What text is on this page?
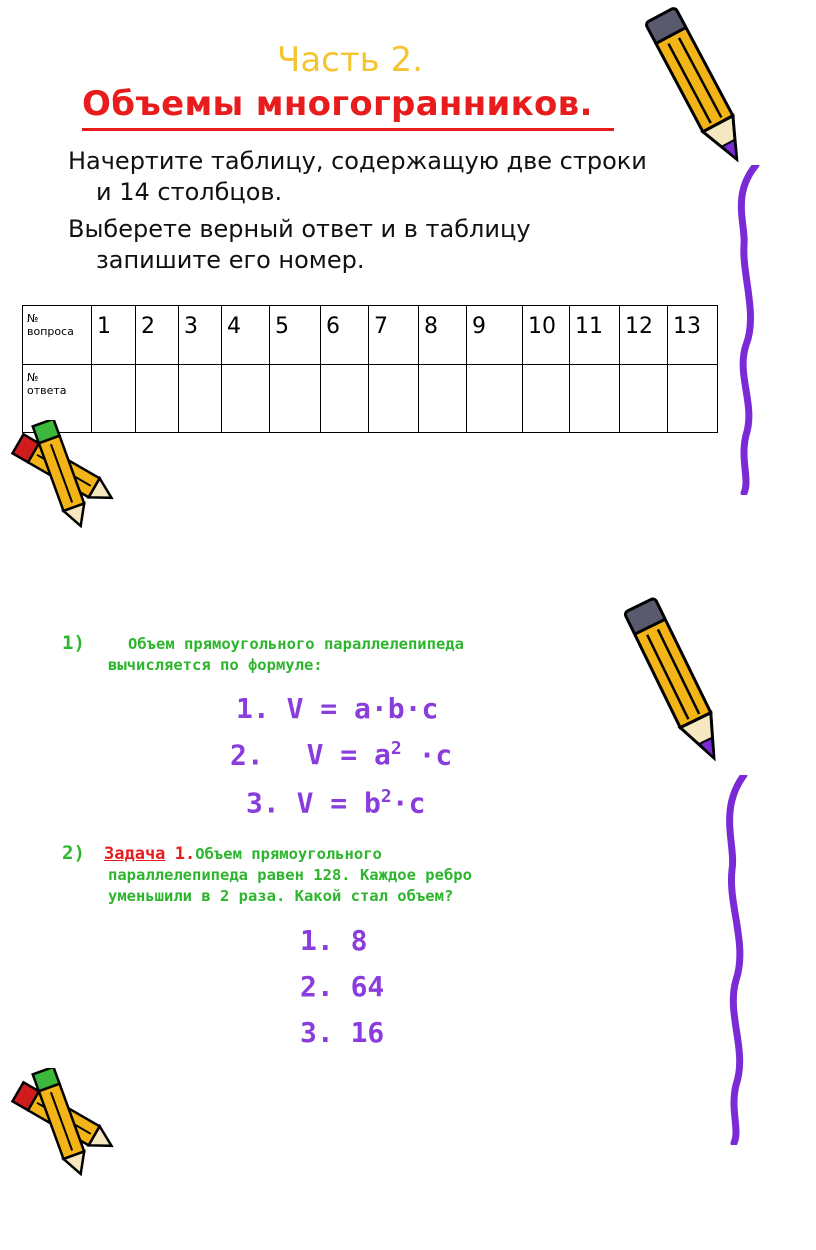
Часть 2.
Объемы многогранников.
Начертите таблицу, содержащую две строки
и 14 столбцов.
Выберете верный ответ и в таблицу
запишите его номер.
№
вопроса	1	2	3	4	5	6	7	8	9	10	11	12	13

№
ответа													

1)	Объем прямоугольного параллелепипеда
вычисляется по формуле:
1. V = a·b·c
2. $V = a^2 \cdot c$
3. $V = b^2\cdot c$
2) Задача 1.Объем прямоугольного
параллелепипеда равен 128. Каждое ребро
уменьшили в 2 раза. Какой стал объем?
1. 8
2. 64
3. 16
